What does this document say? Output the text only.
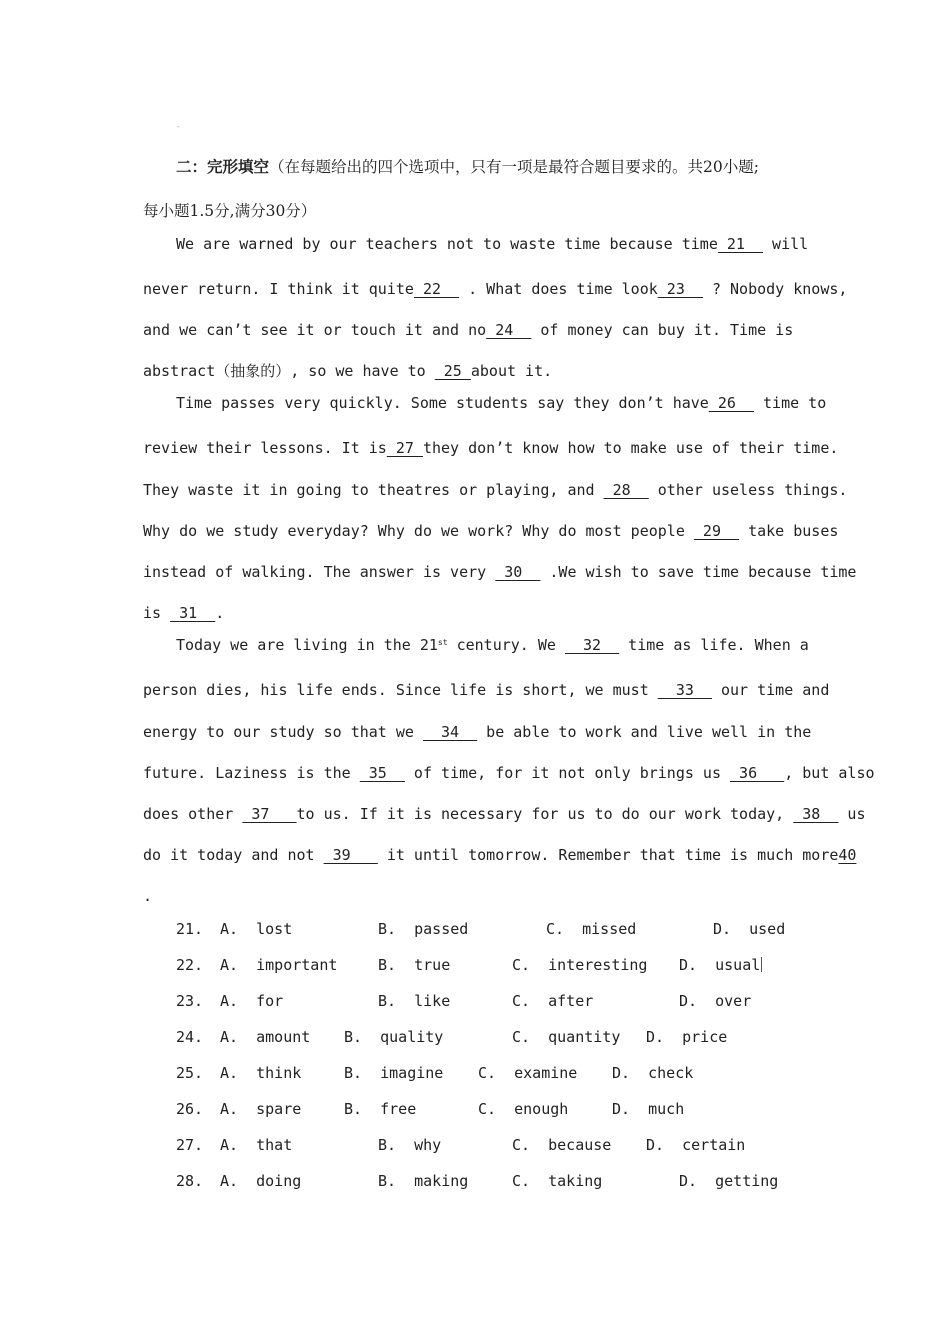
-
二：完形填空（在每题给出的四个选项中，只有一项是最符合题目要求的。共20小题;
每小题1.5分,满分30分）
We are warned by our teachers not to waste time because time 21   will
never return. I think it quite 22   . What does time look 23   ? Nobody knows,
and we can’t see it or touch it and no 24   of money can buy it. Time is
abstract（抽象的）, so we have to  25 about it.
Time passes very quickly. Some students say they don’t have 26   time to
review their lessons. It is 27 they don’t know how to make use of their time.
They waste it in going to theatres or playing, and  28   other useless things.
Why do we study everyday? Why do we work? Why do most people  29   take buses
instead of walking. The answer is very  30   .We wish to save time because time
is  31  .
Today we are living in the 21st century. We   32   time as life. When a
person dies, his life ends. Since life is short, we must   33   our time and
energy to our study so that we   34   be able to work and live well in the
future. Laziness is the  35   of time, for it not only brings us  36   , but also
does other  37   to us. If it is necessary for us to do our work today,  38   us
do it today and not  39    it until tomorrow. Remember that time is much more40
.
21. A.  lost	B.  passed	C.  missed	D.  used
22. A.  important	B.  true	C.  interesting D.  usual
23. A.  for	B.  like	C.  after	D.  over
24. A.  amount B.  quality	C.  quantity D.  price
25. A.  think	B.  imagine C.  examine D.  check
26. A.  spare	B.  free	C.  enough	D.  much
27. A.  that	B.  why	C.  because D.  certain
28. A.  doing	B.  making	C.  taking	D.  getting
